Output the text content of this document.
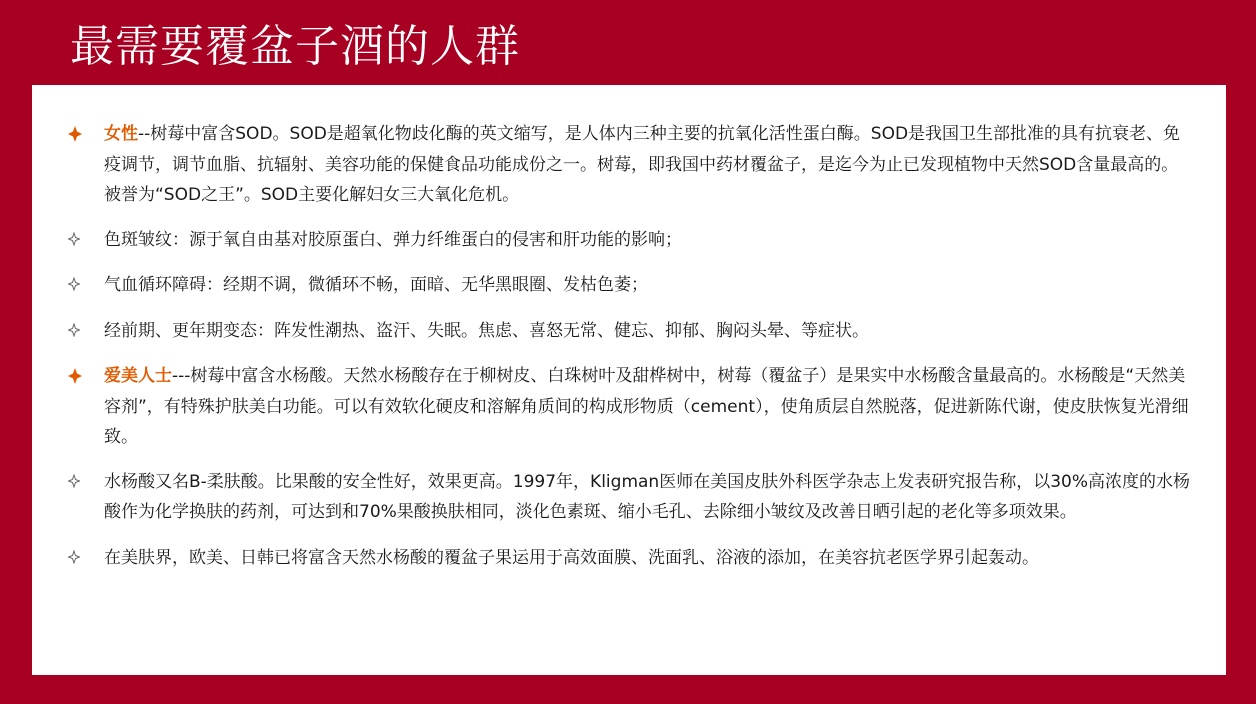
最需要覆盆子酒的人群
女性--树莓中富含SOD。SOD是超氧化物歧化酶的英文缩写，是人体内三种主要的抗氧化活性蛋白酶。SOD是我国卫生部批准的具有抗衰老、免疫调节，调节血脂、抗辐射、美容功能的保健食品功能成份之一。树莓，即我国中药材覆盆子，是迄今为止已发现植物中天然SOD含量最高的。被誉为“SOD之王”。SOD主要化解妇女三大氧化危机。
色斑皱纹：源于氧自由基对胶原蛋白、弹力纤维蛋白的侵害和肝功能的影响；
气血循环障碍：经期不调，微循环不畅，面暗、无华黑眼圈、发枯色萎；
经前期、更年期变态：阵发性潮热、盗汗、失眠。焦虑、喜怒无常、健忘、抑郁、胸闷头晕、等症状。
爱美人士---树莓中富含水杨酸。天然水杨酸存在于柳树皮、白珠树叶及甜桦树中，树莓（覆盆子）是果实中水杨酸含量最高的。水杨酸是“天然美容剂”，有特殊护肤美白功能。可以有效软化硬皮和溶解角质间的构成形物质（cement），使角质层自然脱落，促进新陈代谢，使皮肤恢复光滑细致。
水杨酸又名B-柔肤酸。比果酸的安全性好，效果更高。1997年，Kligman医师在美国皮肤外科医学杂志上发表研究报告称，以30%高浓度的水杨酸作为化学换肤的药剂，可达到和70%果酸换肤相同，淡化色素斑、缩小毛孔、去除细小皱纹及改善日晒引起的老化等多项效果。
在美肤界，欧美、日韩已将富含天然水杨酸的覆盆子果运用于高效面膜、洗面乳、浴液的添加，在美容抗老医学界引起轰动。
